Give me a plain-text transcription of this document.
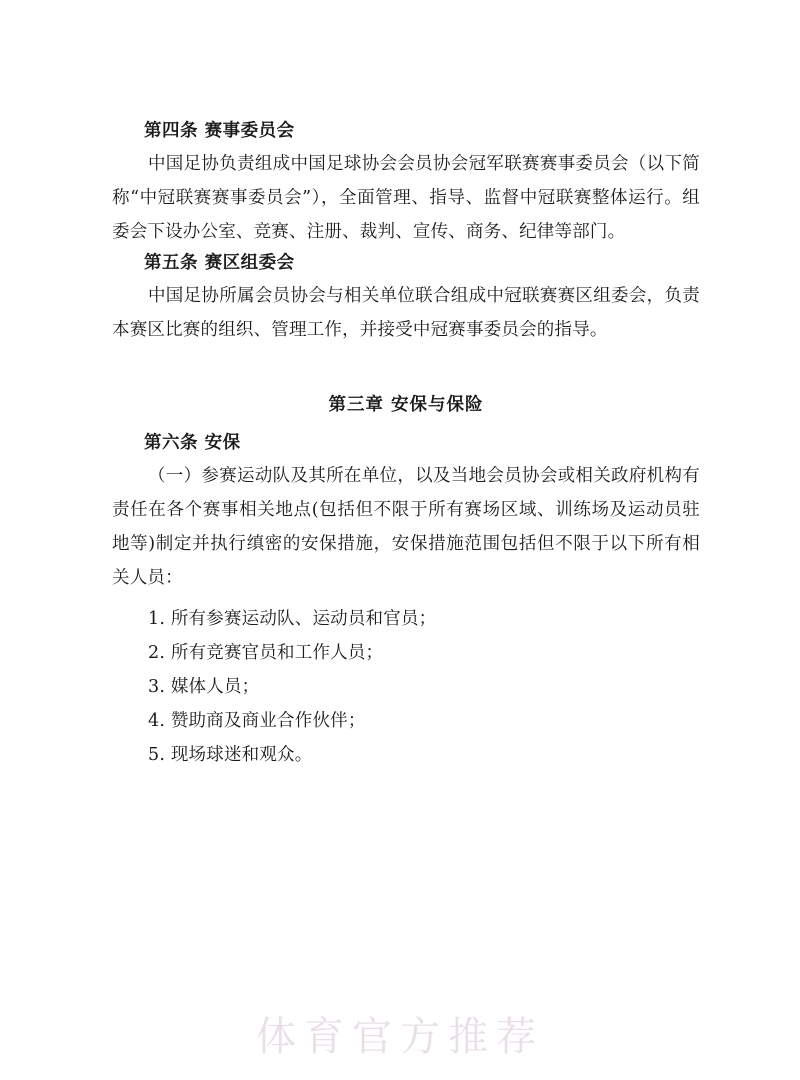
第四条 赛事委员会

中国足协负责组成中国足球协会会员协会冠军联赛赛事委员会（以下简称“中冠联赛赛事委员会”），全面管理、指导、监督中冠联赛整体运行。组委会下设办公室、竞赛、注册、裁判、宣传、商务、纪律等部门。

第五条 赛区组委会

中国足协所属会员协会与相关单位联合组成中冠联赛赛区组委会，负责本赛区比赛的组织、管理工作，并接受中冠赛事委员会的指导。

第三章 安保与保险
第六条 安保

（一）参赛运动队及其所在单位，以及当地会员协会或相关政府机构有责任在各个赛事相关地点(包括但不限于所有赛场区域、训练场及运动员驻地等)制定并执行缜密的安保措施，安保措施范围包括但不限于以下所有相关人员：

1. 所有参赛运动队、运动员和官员；

2. 所有竞赛官员和工作人员；

3. 媒体人员；

4. 赞助商及商业合作伙伴；

5. 现场球迷和观众。

体育官方推荐
